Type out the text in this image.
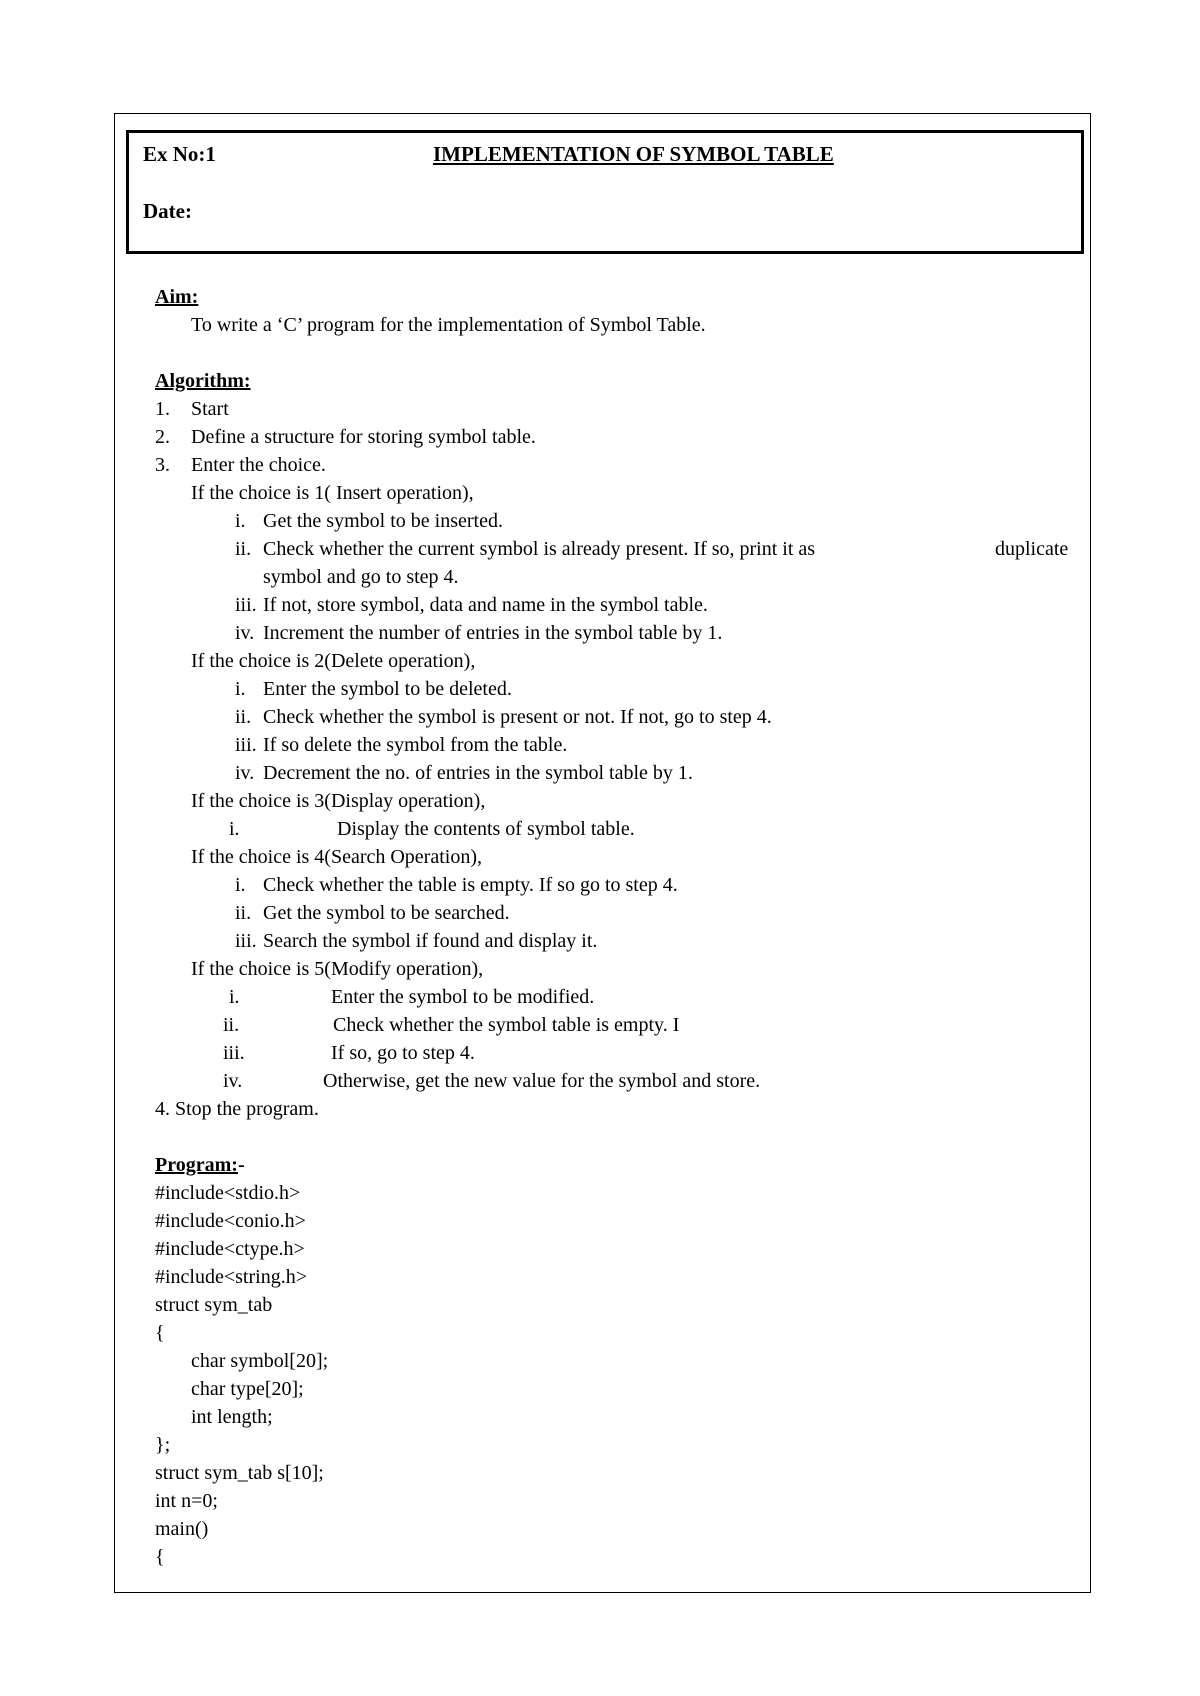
Ex No:1	IMPLEMENTATION OF SYMBOL TABLE
Date:
Aim:
To write a ‘C’ program for the implementation of Symbol Table.
Algorithm:
1. Start
2. Define a structure for storing symbol table.
3. Enter the choice.
If the choice is 1( Insert operation),
i. Get the symbol to be inserted.
ii. Check whether the current symbol is already present. If so, print it as	duplicate
symbol and go to step 4.
iii. If not, store symbol, data and name in the symbol table.
iv. Increment the number of entries in the symbol table by 1.
If the choice is 2(Delete operation),
i. Enter the symbol to be deleted.
ii. Check whether the symbol is present or not. If not, go to step 4.
iii. If so delete the symbol from the table.
iv. Decrement the no. of entries in the symbol table by 1.
If the choice is 3(Display operation),
i.	Display the contents of symbol table.
If the choice is 4(Search Operation),
i. Check whether the table is empty. If so go to step 4.
ii. Get the symbol to be searched.
iii. Search the symbol if found and display it.
If the choice is 5(Modify operation),
i.	Enter the symbol to be modified.
ii.	Check whether the symbol table is empty. I
iii.	If so, go to step 4.
iv.	Otherwise, get the new value for the symbol and store.
4. Stop the program.
Program:-
#include<stdio.h>
#include<conio.h>
#include<ctype.h>
#include<string.h>
struct sym_tab
{
char symbol[20];
char type[20];
int length;
};
struct sym_tab s[10];
int n=0;
main()
{
